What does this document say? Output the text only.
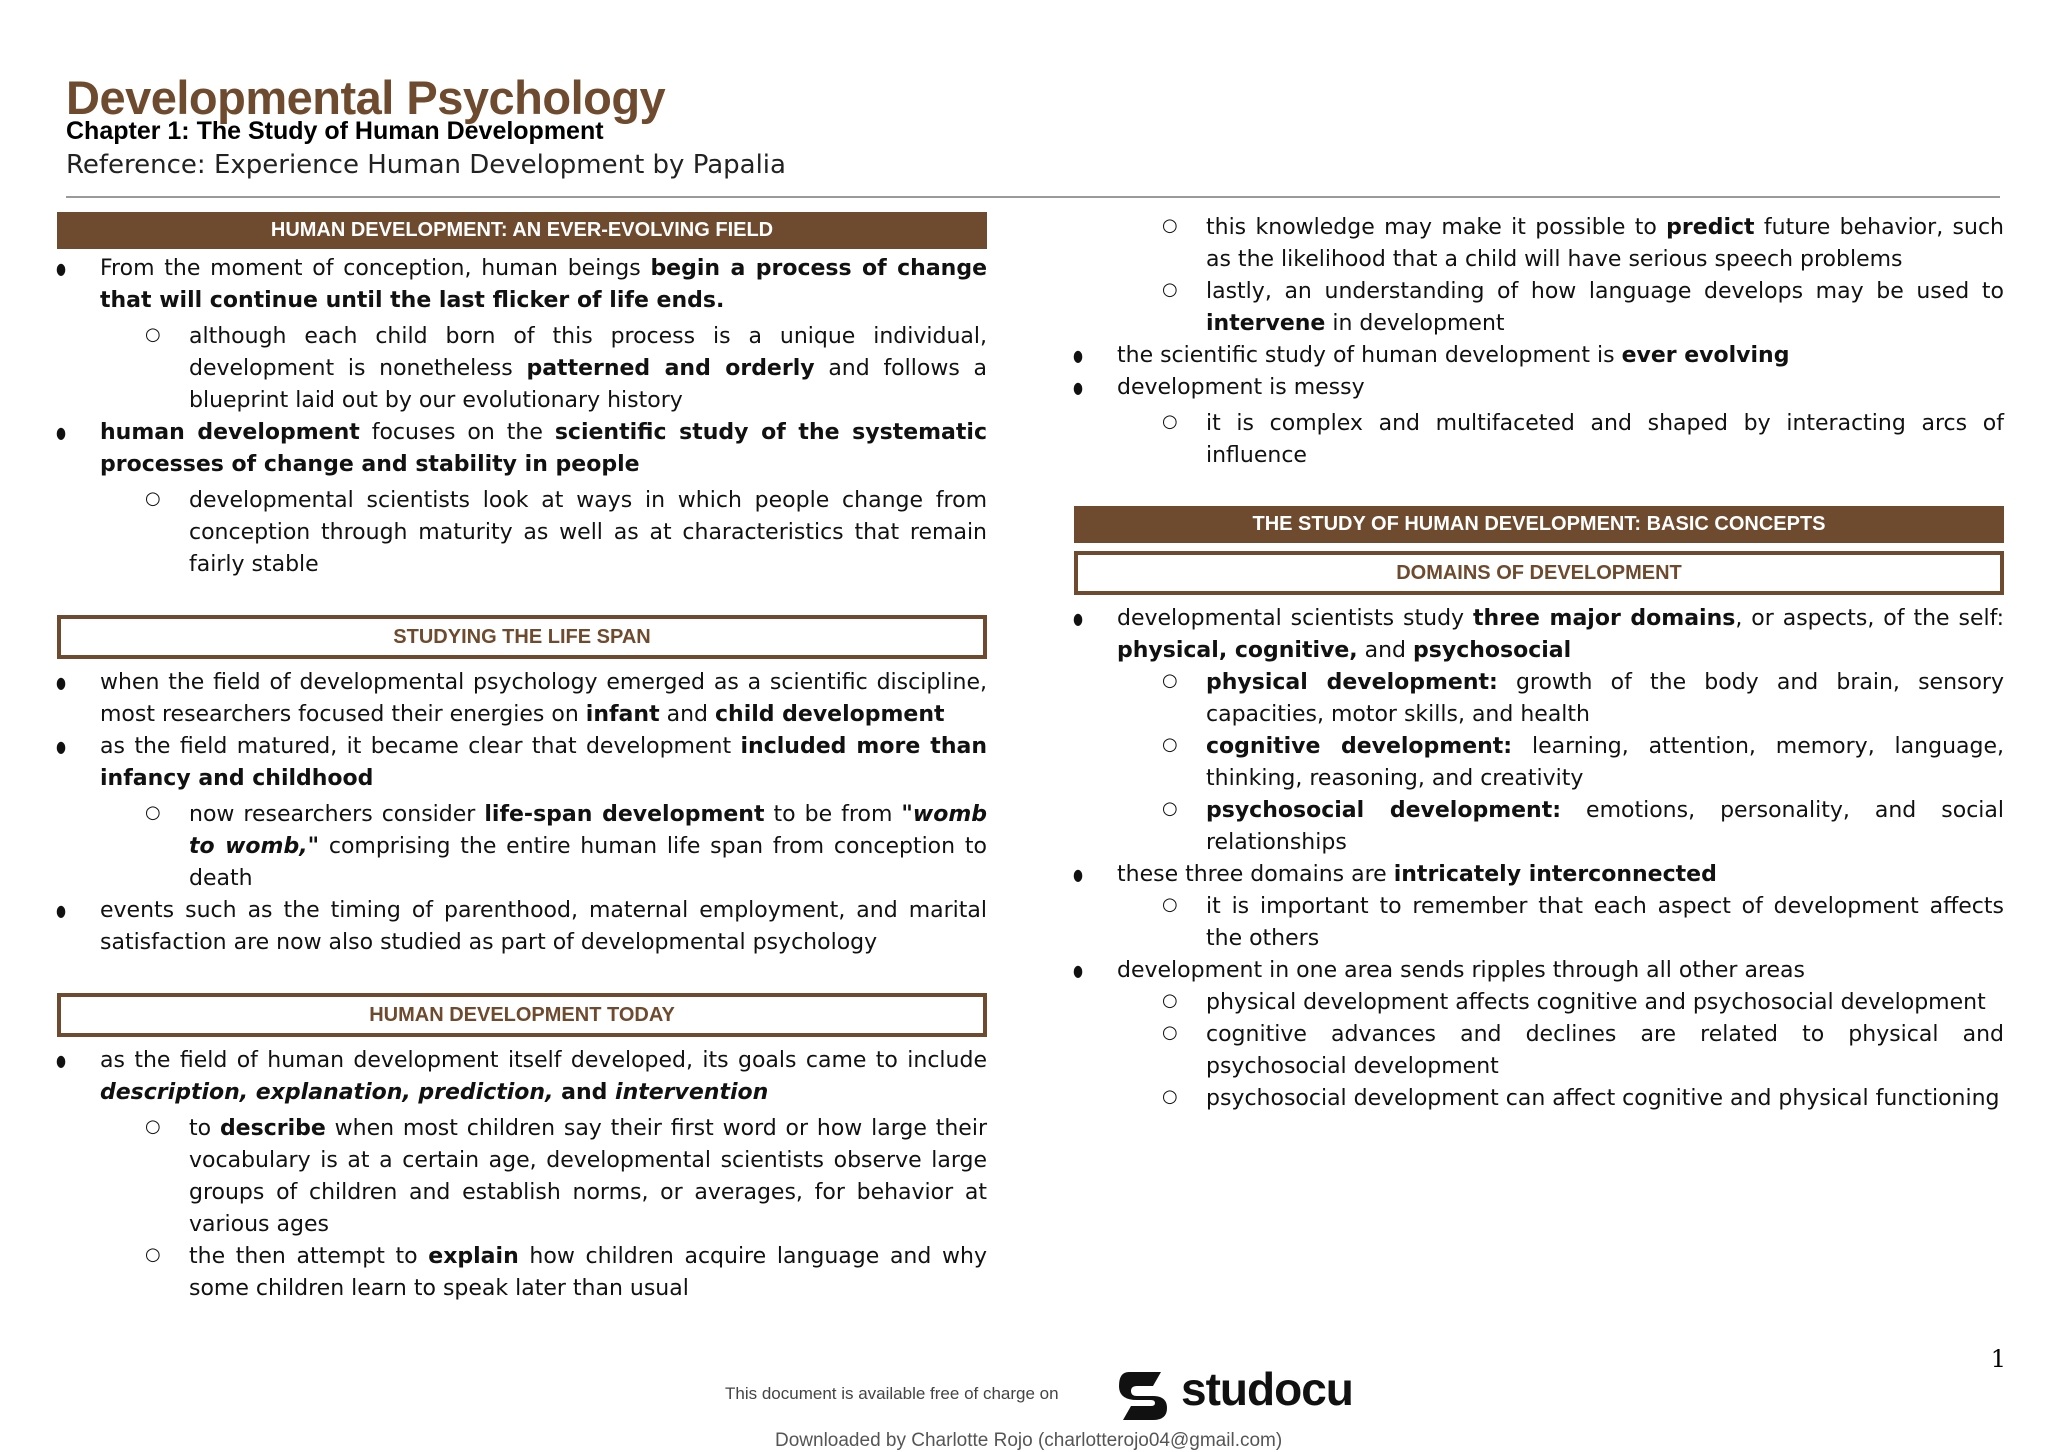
Developmental Psychology
Chapter 1: The Study of Human Development
Reference: Experience Human Development by Papalia
HUMAN DEVELOPMENT: AN EVER-EVOLVING FIELD
● From the moment of conception, human beings begin a process of change that will continue until the last flicker of life ends.
○ although each child born of this process is a unique individual, development is nonetheless patterned and orderly and follows a blueprint laid out by our evolutionary history
● human development focuses on the scientific study of the systematic processes of change and stability in people
○ developmental scientists look at ways in which people change from conception through maturity as well as at characteristics that remain fairly stable
STUDYING THE LIFE SPAN
● when the field of developmental psychology emerged as a scientific discipline, most researchers focused their energies on infant and child development
● as the field matured, it became clear that development included more than infancy and childhood
○ now researchers consider life-span development to be from "womb to womb," comprising the entire human life span from conception to death
● events such as the timing of parenthood, maternal employment, and marital satisfaction are now also studied as part of developmental psychology
HUMAN DEVELOPMENT TODAY
● as the field of human development itself developed, its goals came to include description, explanation, prediction, and intervention
○ to describe when most children say their first word or how large their vocabulary is at a certain age, developmental scientists observe large groups of children and establish norms, or averages, for behavior at various ages
○ the then attempt to explain how children acquire language and why some children learn to speak later than usual
○ this knowledge may make it possible to predict future behavior, such as the likelihood that a child will have serious speech problems
○ lastly, an understanding of how language develops may be used to intervene in development
● the scientific study of human development is ever evolving
● development is messy
○ it is complex and multifaceted and shaped by interacting arcs of influence
THE STUDY OF HUMAN DEVELOPMENT: BASIC CONCEPTS
DOMAINS OF DEVELOPMENT
● developmental scientists study three major domains, or aspects, of the self: physical, cognitive, and psychosocial
○ physical development: growth of the body and brain, sensory capacities, motor skills, and health
○ cognitive development: learning, attention, memory, language, thinking, reasoning, and creativity
○ psychosocial development: emotions, personality, and social relationships
● these three domains are intricately interconnected
○ it is important to remember that each aspect of development affects the others
● development in one area sends ripples through all other areas
○ physical development affects cognitive and psychosocial development
○ cognitive advances and declines are related to physical and psychosocial development
○ psychosocial development can affect cognitive and physical functioning
1
This document is available free of charge on	studocu
Downloaded by Charlotte Rojo (charlotterojo04@gmail.com)
